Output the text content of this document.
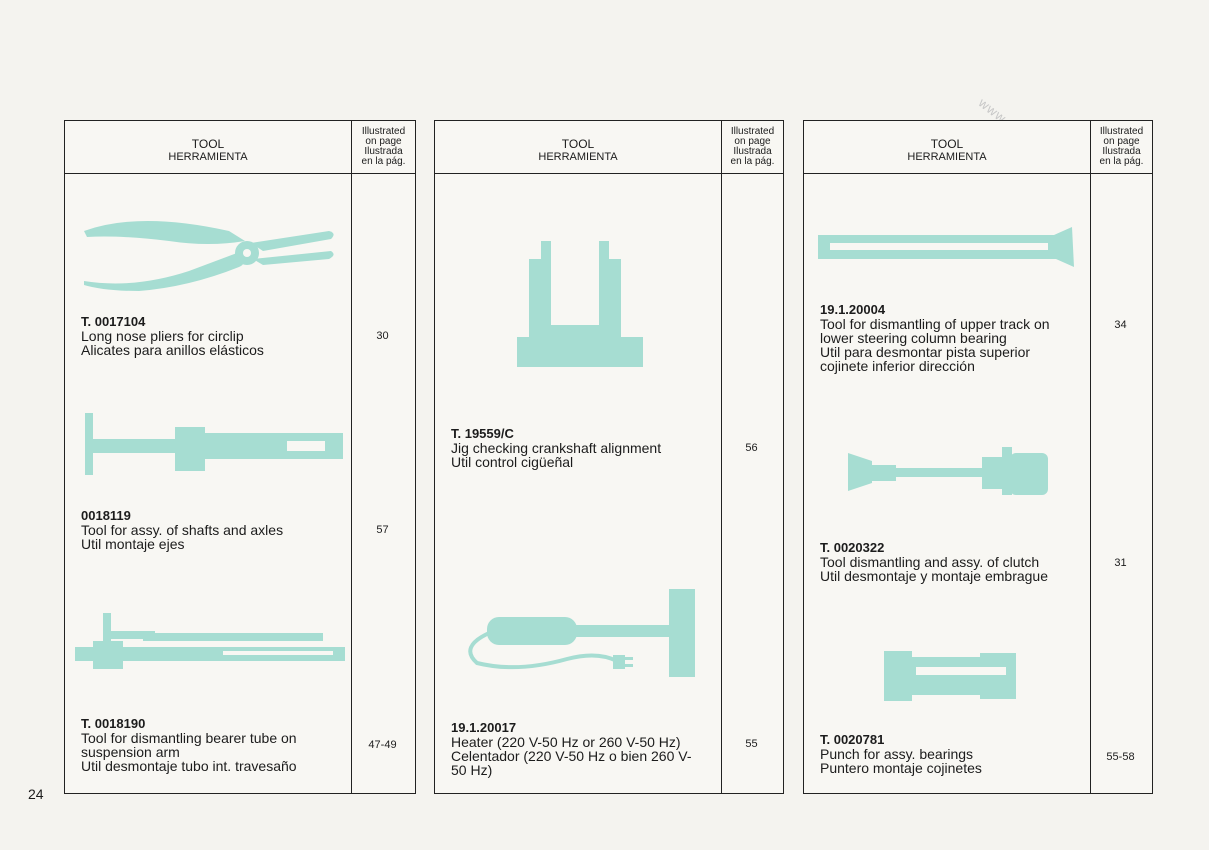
24
TOOL
HERRAMIENTA
Illustrated
on page
Ilustrada
en la pág.
T. 0017104
Long nose pliers for circlip
Alicates para anillos elásticos
30
0018119
Tool for assy. of shafts and axles
Util montaje ejes
57
T. 0018190
Tool for dismantling bearer tube on
suspension arm
Util desmontaje tubo int. travesaño
47-49
TOOL
HERRAMIENTA
Illustrated
on page
Ilustrada
en la pág.
T. 19559/C
Jig checking crankshaft alignment
Util control cigüeñal
56
19.1.20017
Heater (220 V-50 Hz or 260 V-50 Hz)
Celentador (220 V-50 Hz o bien 260 V-
50 Hz)
55
TOOL
HERRAMIENTA
Illustrated
on page
Ilustrada
en la pág.
19.1.20004
Tool for dismantling of upper track on
lower steering column bearing
Util para desmontar pista superior
cojinete inferior dirección
34
T. 0020322
Tool dismantling and assy. of clutch
Util desmontaje y montaje embrague
31
T. 0020781
Punch for assy. bearings
Puntero montaje cojinetes
55-58
